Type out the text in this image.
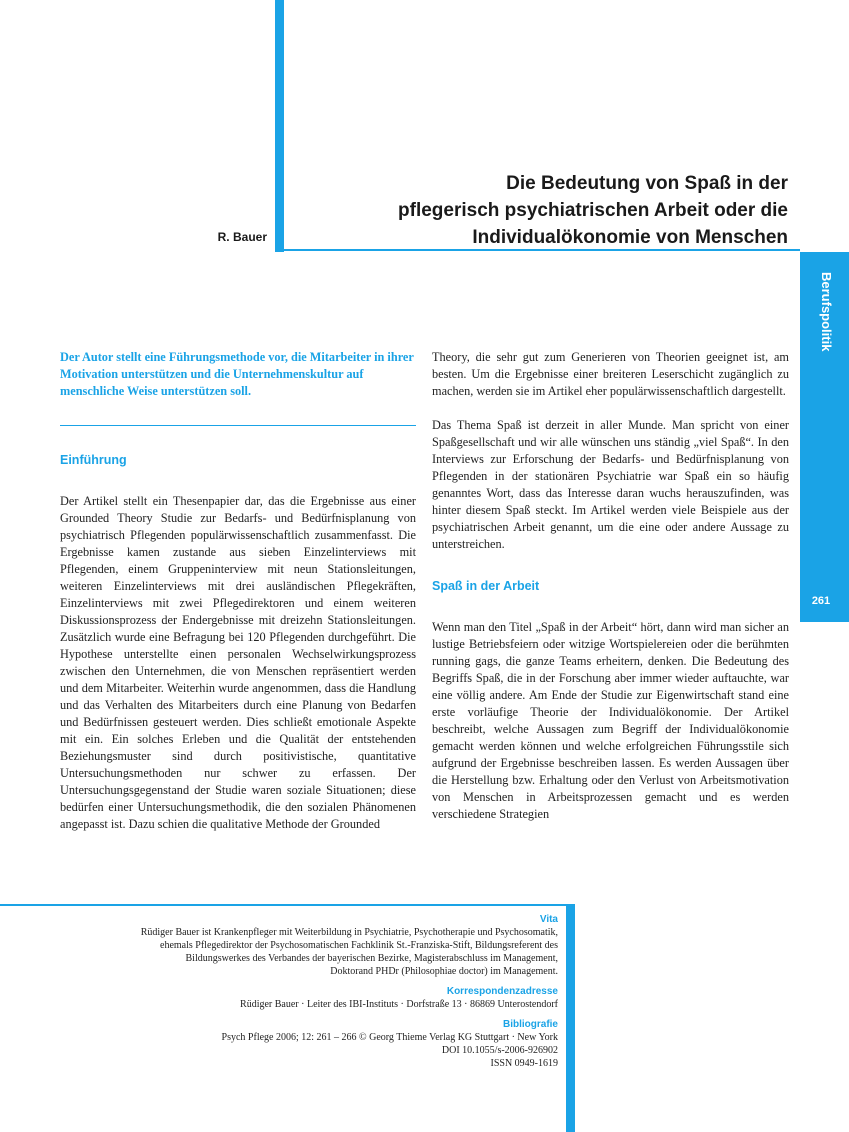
R. Bauer
Die Bedeutung von Spaß in der
pflegerisch psychiatrischen Arbeit oder die
Individualökonomie von Menschen
Berufspolitik
261

Der Autor stellt eine Führungsmethode vor, die Mitarbeiter in ihrer Motivation unterstützen und die Unternehmenskultur auf menschliche Weise unterstützen soll.

Einführung

Der Artikel stellt ein Thesenpapier dar, das die Ergebnisse aus einer Grounded Theory Studie zur Bedarfs- und Bedürfnisplanung von psychiatrisch Pflegenden populärwissenschaftlich zusammenfasst. Die Ergebnisse kamen zustande aus sieben Einzelinterviews mit Pflegenden, einem Gruppeninterview mit neun Stationsleitungen, weiteren Einzelinterviews mit drei ausländischen Pflegekräften, Einzelinterviews mit zwei Pflegedirektoren und einem weiteren Diskussionsprozess der Endergebnisse mit dreizehn Stationsleitungen. Zusätzlich wurde eine Befragung bei 120 Pflegenden durchgeführt. Die Hypothese unterstellte einen personalen Wechselwirkungsprozess zwischen den Unternehmen, die von Menschen repräsentiert werden und dem Mitarbeiter. Weiterhin wurde angenommen, dass die Handlung und das Verhalten des Mitarbeiters durch eine Planung von Bedarfen und Bedürfnissen gesteuert werden. Dies schließt emotionale Aspekte mit ein. Ein solches Erleben und die Qualität der entstehenden Beziehungsmuster sind durch positivistische, quantitative Untersuchungsmethoden nur schwer zu erfassen. Der Untersuchungsgegenstand der Studie waren soziale Situationen; diese bedürfen einer Untersuchungsmethodik, die den sozialen Phänomenen angepasst ist. Dazu schien die qualitative Methode der Grounded

Theory, die sehr gut zum Generieren von Theorien geeignet ist, am besten. Um die Ergebnisse einer breiteren Leserschicht zugänglich zu machen, werden sie im Artikel eher populärwissenschaftlich dargestellt.

Das Thema Spaß ist derzeit in aller Munde. Man spricht von einer Spaßgesellschaft und wir alle wünschen uns ständig „viel Spaß“. In den Interviews zur Erforschung der Bedarfs- und Bedürfnisplanung von Pflegenden in der stationären Psychiatrie war Spaß ein so häufig genanntes Wort, dass das Interesse daran wuchs herauszufinden, was hinter diesem Spaß steckt. Im Artikel werden viele Beispiele aus der psychiatrischen Arbeit genannt, um die eine oder andere Aussage zu unterstreichen.

Spaß in der Arbeit

Wenn man den Titel „Spaß in der Arbeit“ hört, dann wird man sicher an lustige Betriebsfeiern oder witzige Wortspielereien oder die berühmten running gags, die ganze Teams erheitern, denken. Die Bedeutung des Begriffs Spaß, die in der Forschung aber immer wieder auftauchte, war eine völlig andere. Am Ende der Studie zur Eigenwirtschaft stand eine erste vorläufige Theorie der Individualökonomie. Der Artikel beschreibt, welche Aussagen zum Begriff der Individualökonomie gemacht werden können und welche erfolgreichen Führungsstile sich aufgrund der Ergebnisse beschreiben lassen. Es werden Aussagen über die Herstellung bzw. Erhaltung oder den Verlust von Arbeitsmotivation von Menschen in Arbeitsprozessen gemacht und es werden verschiedene Strategien

Vita
Rüdiger Bauer ist Krankenpfleger mit Weiterbildung in Psychiatrie, Psychotherapie und Psychosomatik,
ehemals Pflegedirektor der Psychosomatischen Fachklinik St.-Franziska-Stift, Bildungsreferent des
Bildungswerkes des Verbandes der bayerischen Bezirke, Magisterabschluss im Management,
Doktorand PHDr (Philosophiae doctor) im Management.
Korrespondenzadresse
Rüdiger Bauer · Leiter des IBI-Instituts · Dorfstraße 13 · 86869 Unterostendorf
Bibliografie
Psych Pflege 2006; 12: 261 – 266 © Georg Thieme Verlag KG Stuttgart · New York
DOI 10.1055/s-2006-926902
ISSN 0949-1619
